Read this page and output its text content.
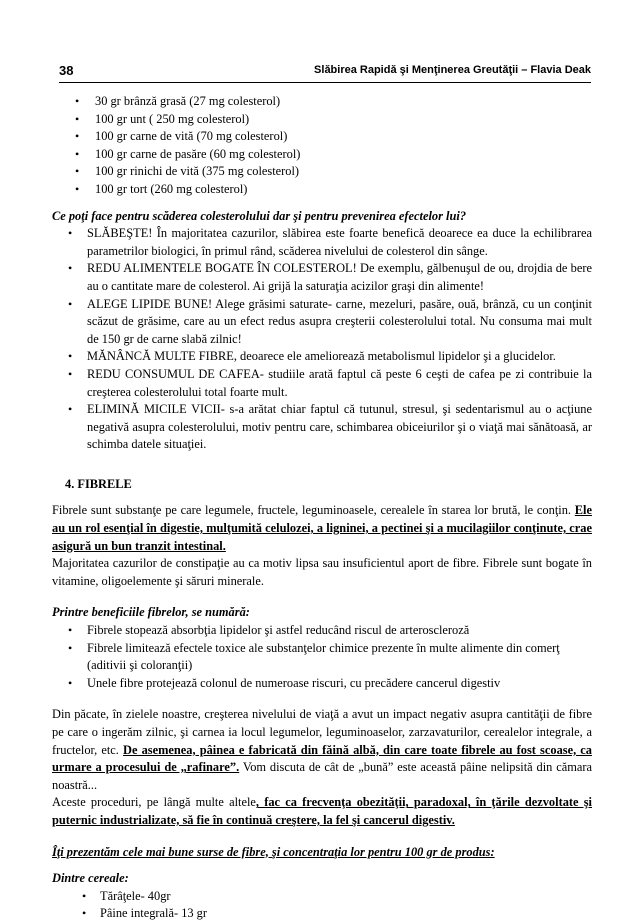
38	Slăbirea Rapidă şi Menţinerea Greutăţii – Flavia Deak
• 30 gr brânză grasă (27 mg colesterol)
• 100 gr unt ( 250 mg colesterol)
• 100 gr carne de vită (70 mg colesterol)
• 100 gr carne de pasăre (60 mg colesterol)
• 100 gr rinichi de vită (375 mg colesterol)
• 100 gr tort (260 mg colesterol)
Ce poţi face pentru scăderea colesterolului dar şi pentru prevenirea efectelor lui?
• SLĂBEŞTE! În majoritatea cazurilor, slăbirea este foarte benefică deoarece ea duce la echilibrarea parametrilor biologici, în primul rând, scăderea nivelului de colesterol din sânge.
• REDU ALIMENTELE BOGATE ÎN COLESTEROL! De exemplu, gălbenuşul de ou, drojdia de bere au o cantitate mare de colesterol. Ai grijă la saturaţia acizilor graşi din alimente!
• ALEGE LIPIDE BUNE! Alege grăsimi saturate- carne, mezeluri, pasăre, ouă, brânză, cu un conţinit scăzut de grăsime, care au un efect redus asupra creşterii colesterolului total. Nu consuma mai mult de 150 gr de carne slabă zilnic!
• MĂNÂNCĂ MULTE FIBRE, deoarece ele ameliorează metabolismul lipidelor şi a glucidelor.
• REDU CONSUMUL DE CAFEA- studiile arată faptul că peste 6 ceşti de cafea pe zi contribuie la creşterea colesterolului total foarte mult.
• ELIMINĂ MICILE VICII- s-a arătat chiar faptul că tutunul, stresul, şi sedentarismul au o acţiune negativă asupra colesterolului, motiv pentru care, schimbarea obiceiurilor şi o viaţă mai sănătoasă, ar schimba datele situaţiei.
4. FIBRELE
Fibrele sunt substanţe pe care legumele, fructele, leguminoasele, cerealele în starea lor brută, le conţin. Ele au un rol esenţial în digestie, mulţumită celulozei, a ligninei, a pectinei şi a mucilagiilor conţinute, crae asigură un bun tranzit intestinal.
Majoritatea cazurilor de constipaţie au ca motiv lipsa sau insuficientul aport de fibre. Fibrele sunt bogate în vitamine, oligoelemente şi săruri minerale.
Printre beneficiile fibrelor, se numără:
• Fibrele stopează absorbţia lipidelor şi astfel reducând riscul de arteroscleroză
• Fibrele limitează efectele toxice ale substanţelor chimice prezente în multe alimente din comerţ (aditivii şi coloranţii)
• Unele fibre protejează colonul de numeroase riscuri, cu precădere cancerul digestiv
Din păcate, în zielele noastre, creşterea nivelului de viaţă a avut un impact negativ asupra cantităţii de fibre pe care o ingerăm zilnic, şi carnea ia locul legumelor, leguminoaselor, zarzavaturilor, cerealelor integrale, a fructelor, etc. De asemenea, pâinea e fabricată din făină albă, din care toate fibrele au fost scoase, ca urmare a procesului de „rafinare”. Vom discuta de cât de „bună” este această pâine nelipsită din cămara noastră...
Aceste proceduri, pe lângă multe altele, fac ca frecvenţa obezităţii, paradoxal, în ţările dezvoltate şi puternic industrializate, să fie în continuă creştere, la fel şi cancerul digestiv.
Îţi prezentăm cele mai bune surse de fibre, şi concentraţia lor pentru 100 gr de produs:
Dintre cereale:
• Tărâţele- 40gr
• Pâine integrală- 13 gr
